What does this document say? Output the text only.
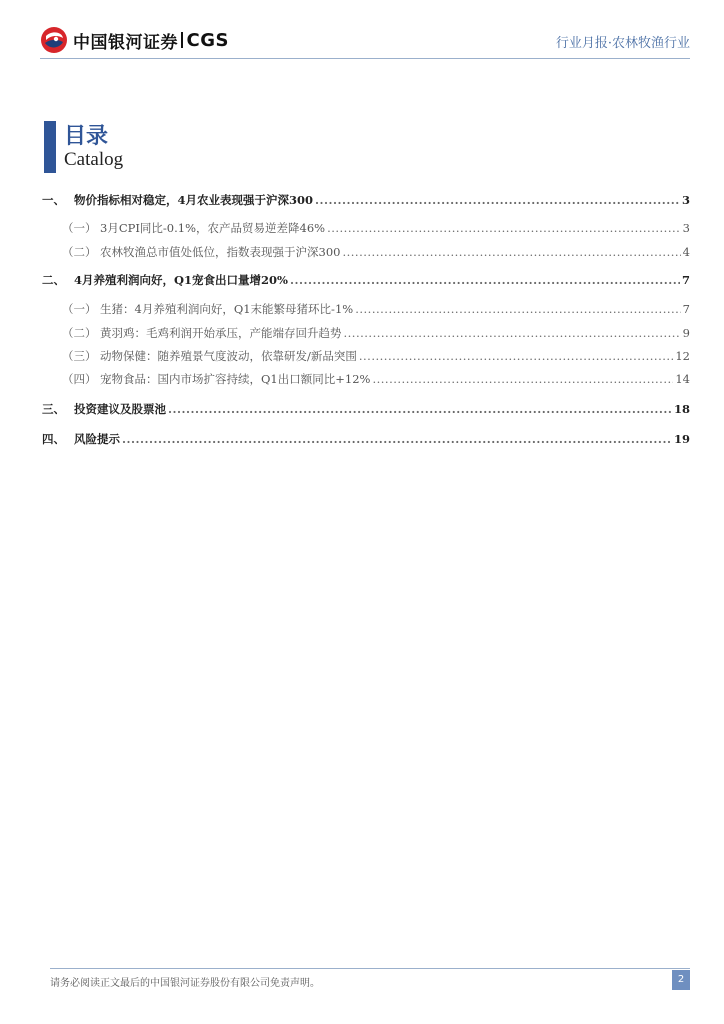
中国银河证券 CGS	行业月报·农林牧渔行业
目录
Catalog
一、 物价指标相对稳定，4月农业表现强于沪深300 .....	3
（一） 3月CPI同比-0.1%，农产品贸易逆差降46% .....	3
（二） 农林牧渔总市值处低位，指数表现强于沪深300 .....	4
二、 4月养殖利润向好，Q1宠食出口量增20% .....	7
（一） 生猪：4月养殖利润向好，Q1末能繁母猪环比-1% .....	7
（二） 黄羽鸡：毛鸡利润开始承压，产能端存回升趋势 .....	9
（三） 动物保健：随养殖景气度波动，依靠研发/新品突围 .....	12
（四） 宠物食品：国内市场扩容持续，Q1出口额同比+12% .....	14
三、 投资建议及股票池 .....	18
四、 风险提示 .....	19
请务必阅读正文最后的中国银河证券股份有限公司免责声明。	2
